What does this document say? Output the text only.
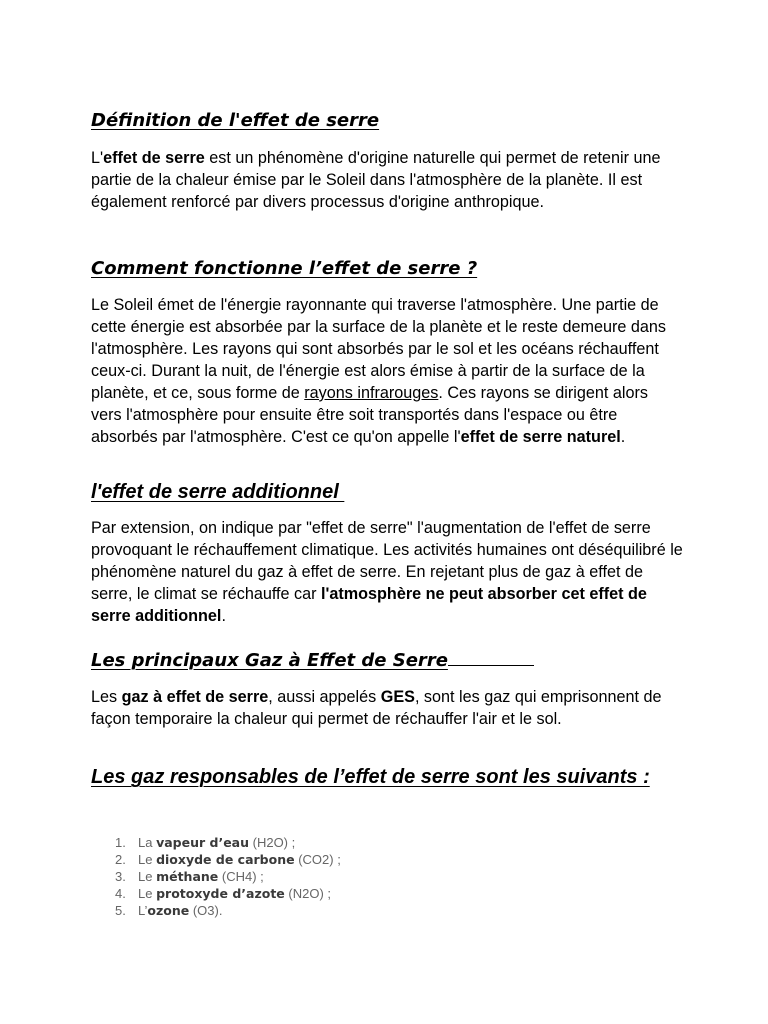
Définition de l'effet de serre

L'effet de serre est un phénomène d'origine naturelle qui permet de retenir une partie de la chaleur émise par le Soleil dans l'atmosphère de la planète. Il est également renforcé par divers processus d'origine anthropique.

Comment fonctionne l’effet de serre ?

Le Soleil émet de l'énergie rayonnante qui traverse l'atmosphère. Une partie de cette énergie est absorbée par la surface de la planète et le reste demeure dans l'atmosphère. Les rayons qui sont absorbés par le sol et les océans réchauffent ceux-ci. Durant la nuit, de l'énergie est alors émise à partir de la surface de la planète, et ce, sous forme de rayons infrarouges. Ces rayons se dirigent alors vers l'atmosphère pour ensuite être soit transportés dans l'espace ou être absorbés par l'atmosphère. C'est ce qu'on appelle l'effet de serre naturel.

l'effet de serre additionnel

Par extension, on indique par "effet de serre" l'augmentation de l'effet de serre provoquant le réchauffement climatique. Les activités humaines ont déséquilibré le phénomène naturel du gaz à effet de serre. En rejetant plus de gaz à effet de serre, le climat se réchauffe car l'atmosphère ne peut absorber cet effet de serre additionnel.

Les principaux Gaz à Effet de Serre

Les gaz à effet de serre, aussi appelés GES, sont les gaz qui emprisonnent de façon temporaire la chaleur qui permet de réchauffer l'air et le sol.

Les gaz responsables de l’effet de serre sont les suivants :
1. La vapeur d’eau (H2O) ;
2. Le dioxyde de carbone (CO2) ;
3. Le méthane (CH4) ;
4. Le protoxyde d’azote (N2O) ;
5. L’ozone (O3).
